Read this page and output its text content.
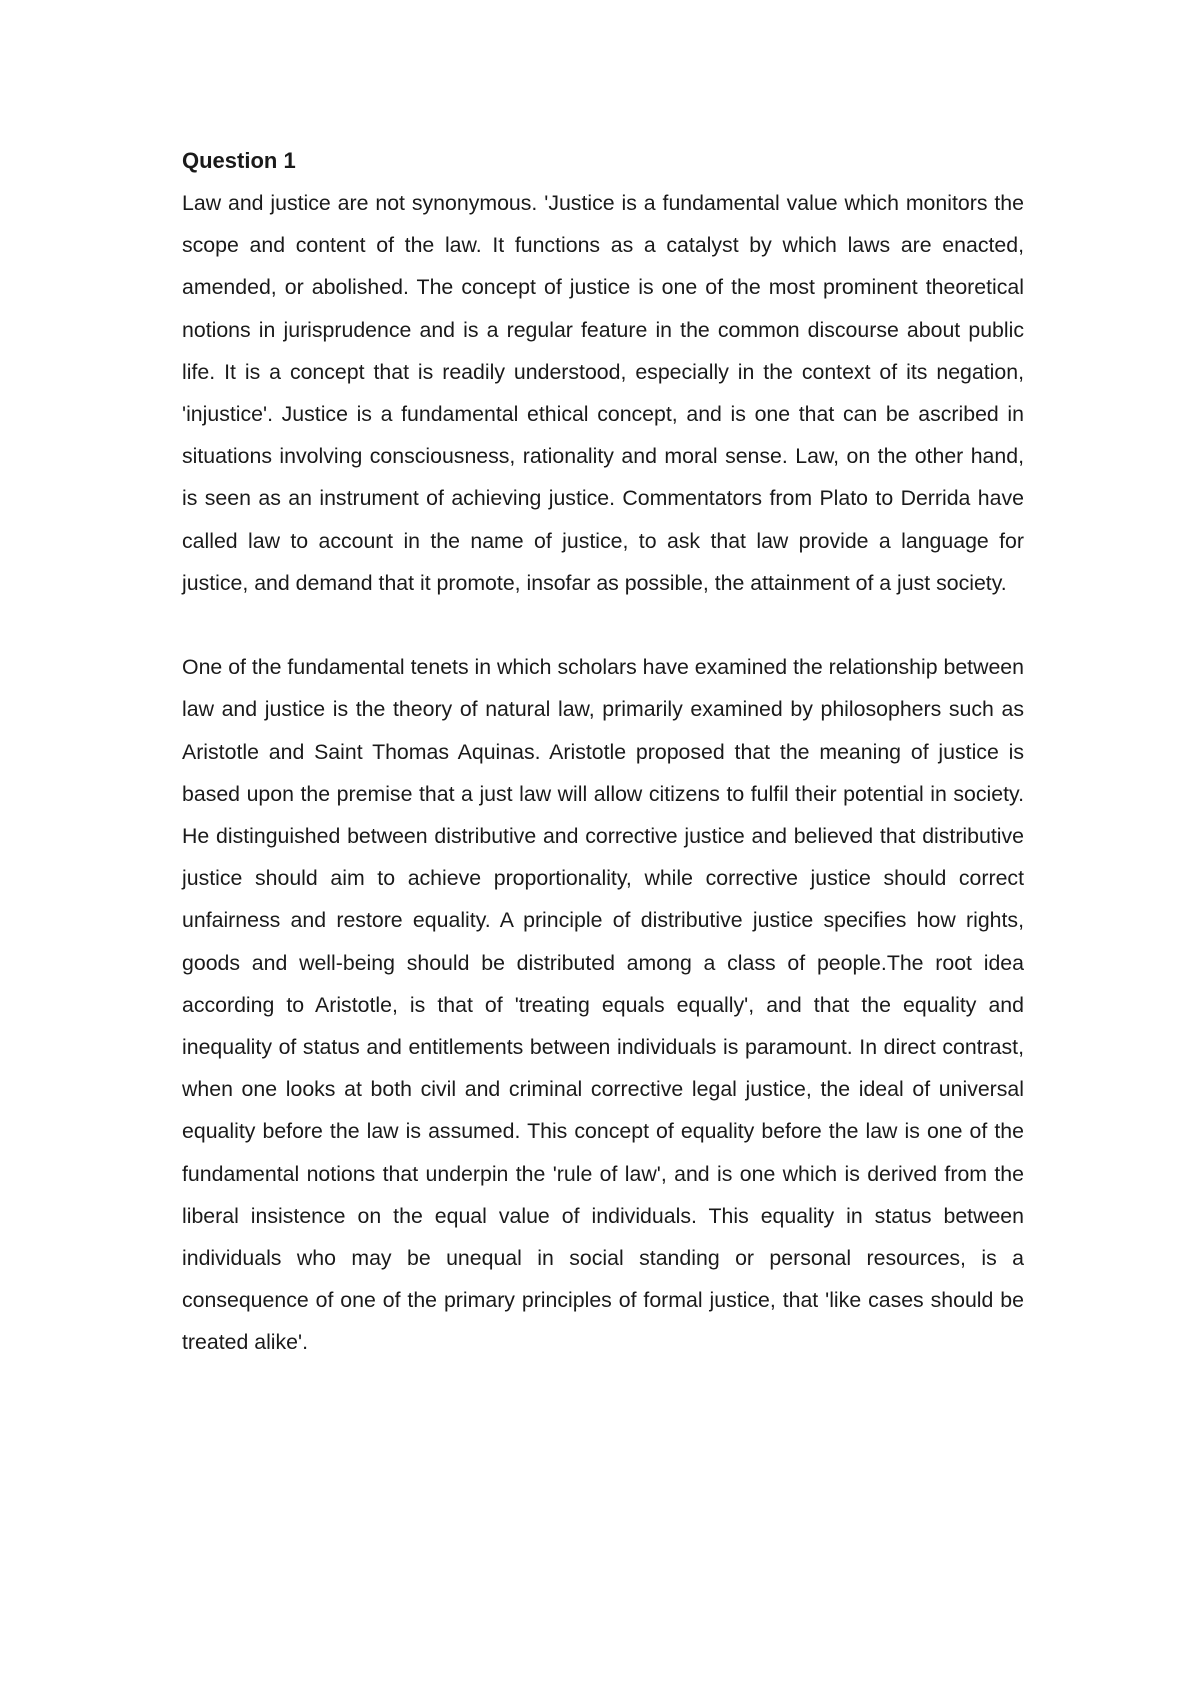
Question 1

Law and justice are not synonymous. 'Justice is a fundamental value which monitors the scope and content of the law. It functions as a catalyst by which laws are enacted, amended, or abolished. The concept of justice is one of the most prominent theoretical notions in jurisprudence and is a regular feature in the common discourse about public life. It is a concept that is readily understood, especially in the context of its negation, 'injustice'. Justice is a fundamental ethical concept, and is one that can be ascribed in situations involving consciousness, rationality and moral sense. Law, on the other hand, is seen as an instrument of achieving justice. Commentators from Plato to Derrida have called law to account in the name of justice, to ask that law provide a language for justice, and demand that it promote, insofar as possible, the attainment of a just society.

One of the fundamental tenets in which scholars have examined the relationship between law and justice is the theory of natural law, primarily examined by philosophers such as Aristotle and Saint Thomas Aquinas. Aristotle proposed that the meaning of justice is based upon the premise that a just law will allow citizens to fulfil their potential in society. He distinguished between distributive and corrective justice and believed that distributive justice should aim to achieve proportionality, while corrective justice should correct unfairness and restore equality. A principle of distributive justice specifies how rights, goods and well-being should be distributed among a class of people.The root idea according to Aristotle, is that of 'treating equals equally', and that the equality and inequality of status and entitlements between individuals is paramount. In direct contrast, when one looks at both civil and criminal corrective legal justice, the ideal of universal equality before the law is assumed. This concept of equality before the law is one of the fundamental notions that underpin the 'rule of law', and is one which is derived from the liberal insistence on the equal value of individuals. This equality in status between individuals who may be unequal in social standing or personal resources, is a consequence of one of the primary principles of formal justice, that 'like cases should be treated alike'.
